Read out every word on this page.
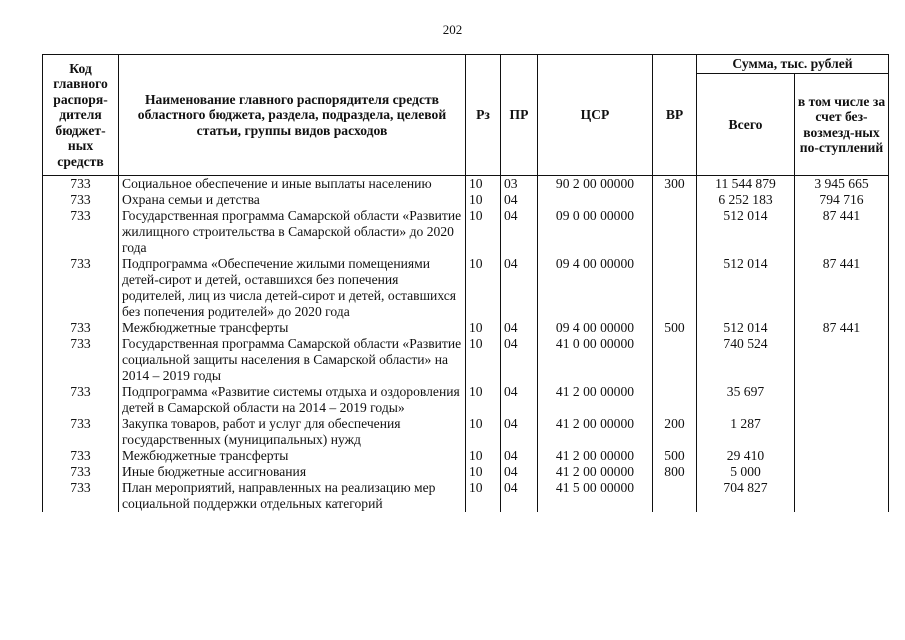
202
Код главного распоря-дителя бюджет-ных средств	Наименование главного распорядителя средств областного бюджета, раздела, подраздела, целевой статьи, группы видов расходов	Рз	ПР	ЦСР	ВР	Сумма, тыс. рублей	
						Всего	в том числе за счет без-возмезд-ных по-ступлений
733	Социальное обеспечение и иные выплаты населению	10	03	90 2 00 00000	300	11 544 879	3 945 665
733	Охрана семьи и детства	10	04			6 252 183	794 716
733	Государственная программа Самарской области «Развитие жилищного строительства в Самарской области» до 2020 года	10	04	09 0 00 00000		512 014	87 441
733	Подпрограмма «Обеспечение жилыми помещениями детей-сирот и детей, оставшихся без попечения родителей, лиц из числа детей-сирот и детей, оставшихся без попечения родителей» до 2020 года	10	04	09 4 00 00000		512 014	87 441
733	Межбюджетные трансферты	10	04	09 4 00 00000	500	512 014	87 441
733	Государственная программа Самарской области «Развитие социальной защиты населения в Самарской области» на 2014 – 2019 годы	10	04	41 0 00 00000		740 524	
733	Подпрограмма «Развитие системы отдыха и оздоровления детей в Самарской области на 2014 – 2019 годы»	10	04	41 2 00 00000		35 697	
733	Закупка товаров, работ и услуг для обеспечения государственных (муниципальных) нужд	10	04	41 2 00 00000	200	1 287	
733	Межбюджетные трансферты	10	04	41 2 00 00000	500	29 410	
733	Иные бюджетные ассигнования	10	04	41 2 00 00000	800	5 000	
733	План мероприятий, направленных на реализацию мер социальной поддержки отдельных категорий	10	04	41 5 00 00000		704 827	
